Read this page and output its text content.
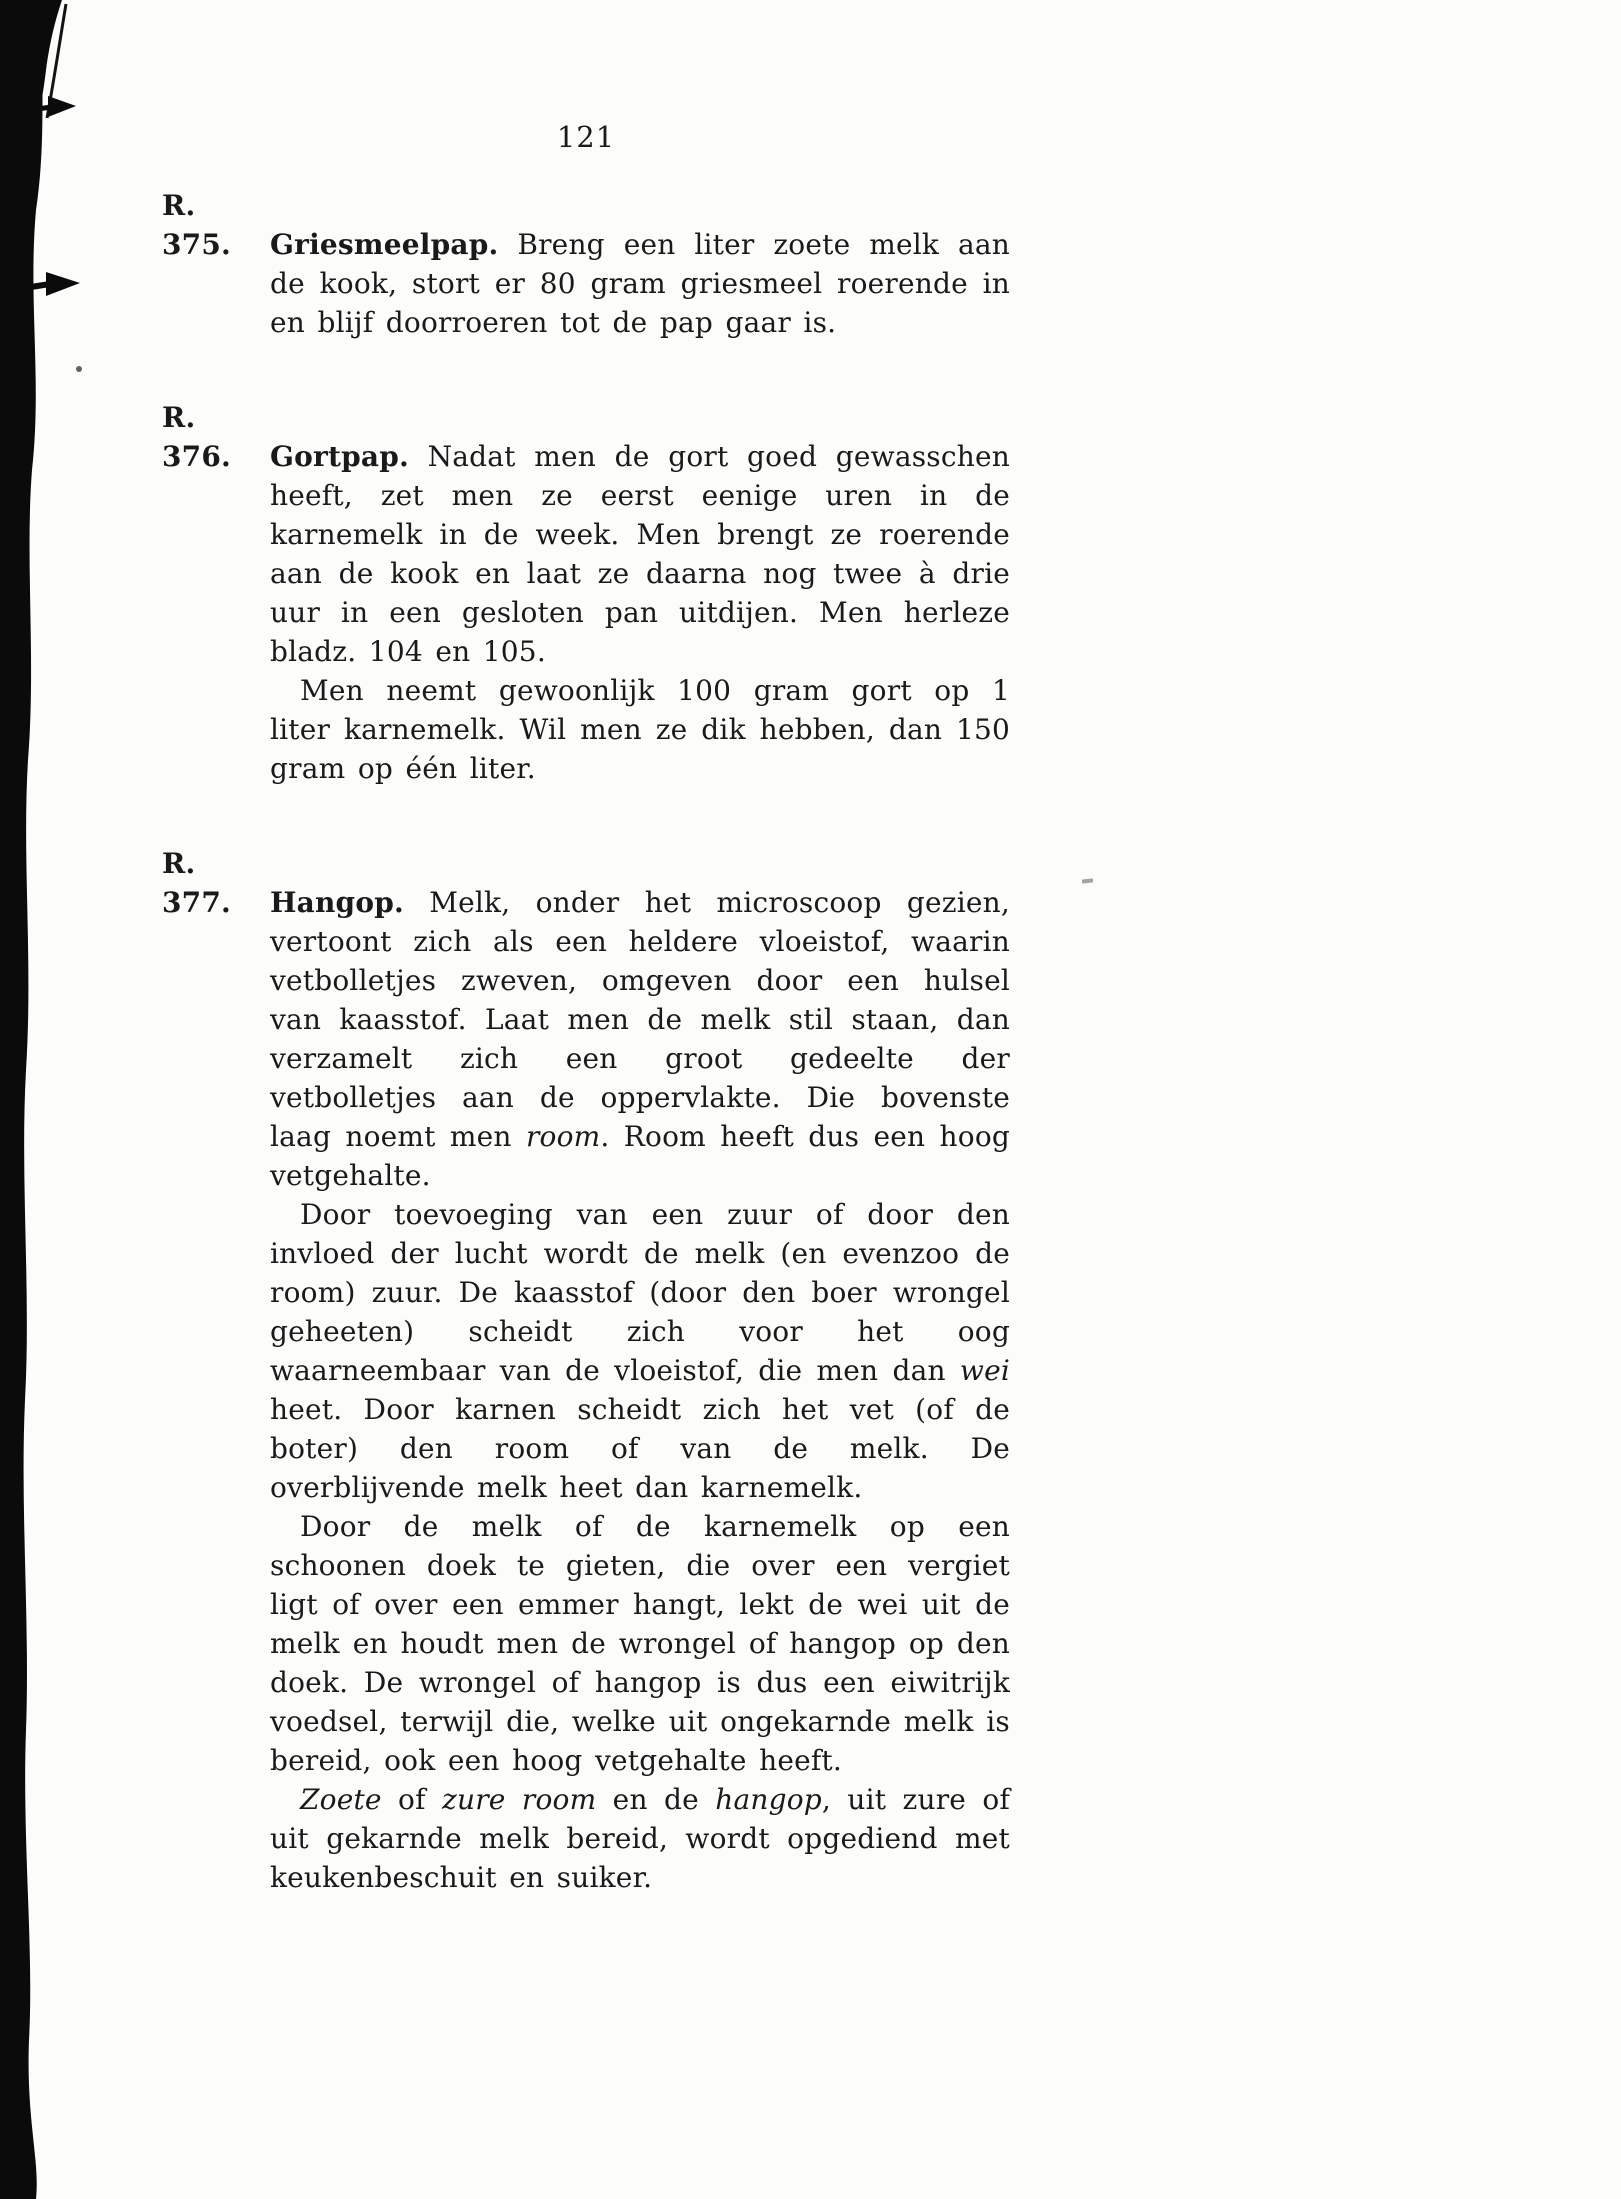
121

R. 375. Griesmeelpap. Breng een liter zoete melk aan de kook, stort er 80 gram griesmeel roerende in en blijf doorroeren tot de pap gaar is.

R. 376. Gortpap. Nadat men de gort goed gewasschen heeft, zet men ze eerst eenige uren in de karnemelk in de week. Men brengt ze roerende aan de kook en laat ze daarna nog twee à drie uur in een gesloten pan uitdijen. Men herleze bladz. 104 en 105.

Men neemt gewoonlijk 100 gram gort op 1 liter karnemelk. Wil men ze dik hebben, dan 150 gram op één liter.

R. 377. Hangop. Melk, onder het microscoop gezien, vertoont zich als een heldere vloeistof, waarin vetbolletjes zweven, omgeven door een hulsel van kaasstof. Laat men de melk stil staan, dan verzamelt zich een groot gedeelte der vetbolletjes aan de oppervlakte. Die bovenste laag noemt men room. Room heeft dus een hoog vetgehalte.

Door toevoeging van een zuur of door den invloed der lucht wordt de melk (en evenzoo de room) zuur. De kaasstof (door den boer wrongel geheeten) scheidt zich voor het oog waarneembaar van de vloeistof, die men dan wei heet. Door karnen scheidt zich het vet (of de boter) den room of van de melk. De overblijvende melk heet dan karnemelk.

Door de melk of de karnemelk op een schoonen doek te gieten, die over een vergiet ligt of over een emmer hangt, lekt de wei uit de melk en houdt men de wrongel of hangop op den doek. De wrongel of hangop is dus een eiwitrijk voedsel, terwijl die, welke uit ongekarnde melk is bereid, ook een hoog vetgehalte heeft.

Zoete of zure room en de hangop, uit zure of uit gekarnde melk bereid, wordt opgediend met keukenbeschuit en suiker.
